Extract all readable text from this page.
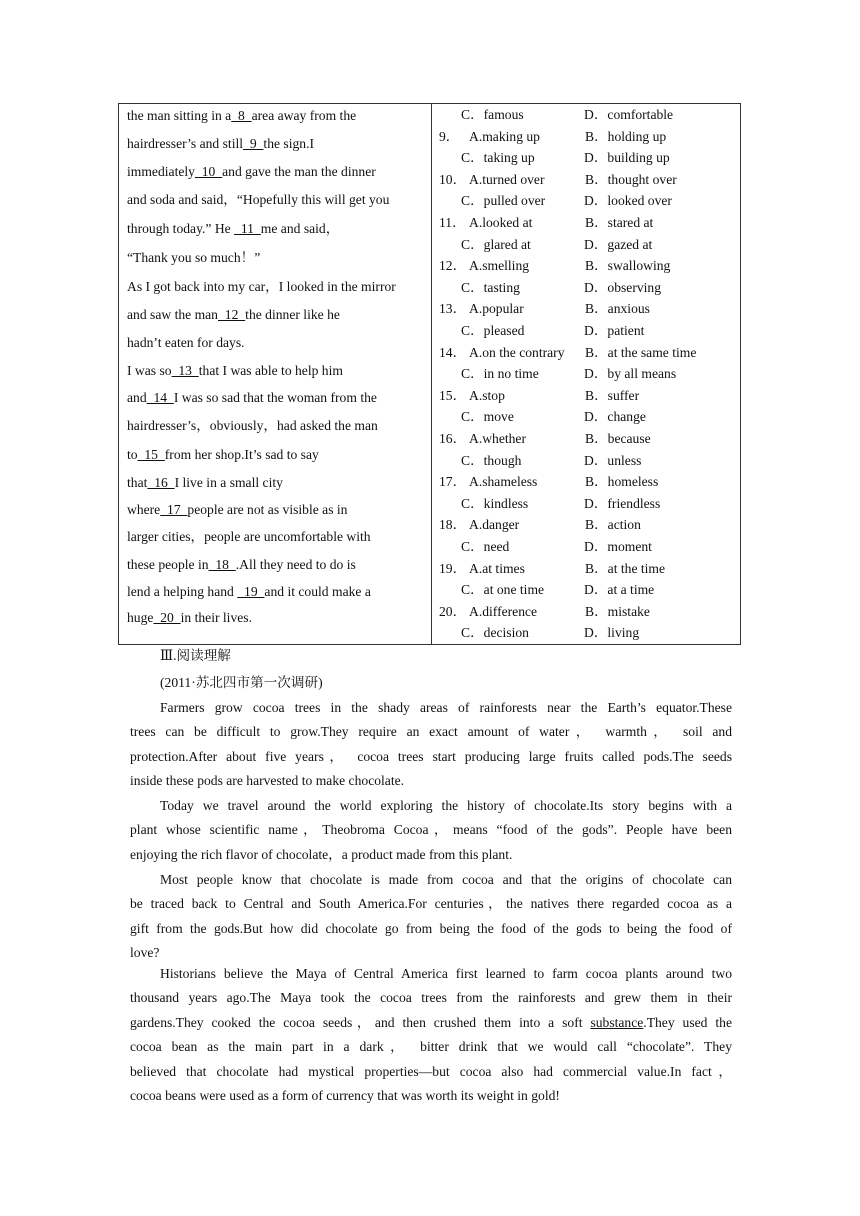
the man sitting in a  8  area away from the
hairdresser’s and still  9  the sign.I
immediately  10  and gave the man the dinner
and soda and said，“Hopefully this will get you
through today.” He   11  me and said，
“Thank you so much！”
As I got back into my car，I looked in the mirror
and saw the man  12  the dinner like he
hadn’t eaten for days.
I was so  13  that I was able to help him
and  14  I was so sad that the woman from the
hairdresser’s，obviously，had asked the man
to  15  from her shop.It’s sad to say
that  16  I live in a small city
where  17  people are not as visible as in
larger cities，people are uncomfortable with
these people in  18  .All they need to do is
lend a helping hand   19  and it could make a
huge  20  in their lives.
C．famous	D．comfortable
9． A.making up	B．holding up
C．taking up	D．building up
10． A.turned over	B．thought over
C．pulled over	D．looked over
11． A.looked at	B．stared at
C．glared at	D．gazed at
12． A.smelling	B．swallowing
C．tasting	D．observing
13． A.popular	B．anxious
C．pleased	D．patient
14． A.on the contrary B．at the same time
C．in no time	D．by all means
15． A.stop	B．suffer
C．move	D．change
16． A.whether	B．because
C．though	D．unless
17． A.shameless	B．homeless
C．kindless	D．friendless
18． A.danger	B．action
C．need	D．moment
19． A.at times	B．at the time
C．at one time	D．at a time
20． A.difference	B．mistake
C．decision	D．living
Ⅲ.阅读理解
(2011·苏北四市第一次调研)
Farmers grow cocoa trees in the shady areas of rainforests near the Earth’s equator.These
trees can be difficult to grow.They require an exact amount of water， warmth， soil and
protection.After about five years， cocoa trees start producing large fruits called pods.The seeds
inside these pods are harvested to make chocolate.
Today we travel around the world exploring the history of chocolate.Its story begins with a
plant whose scientific name，Theobroma Cocoa，means “food of the gods”. People have been
enjoying the rich flavor of chocolate，a product made from this plant.
Most people know that chocolate is made from cocoa and that the origins of chocolate can
be traced back to Central and South America.For centuries，the natives there regarded cocoa as a
gift from the gods.But how did chocolate go from being the food of the gods to being the food of
love?
Historians believe the Maya of Central America first learned to farm cocoa plants around two
thousand years ago.The Maya took the cocoa trees from the rainforests and grew them in their
gardens.They cooked the cocoa seeds，and then crushed them into a soft substance.They used the
cocoa bean as the main part in a dark， bitter drink that we would call “chocolate”. They
believed that chocolate had mystical properties—but cocoa also had commercial value.In fact，
cocoa beans were used as a form of currency that was worth its weight in gold!
